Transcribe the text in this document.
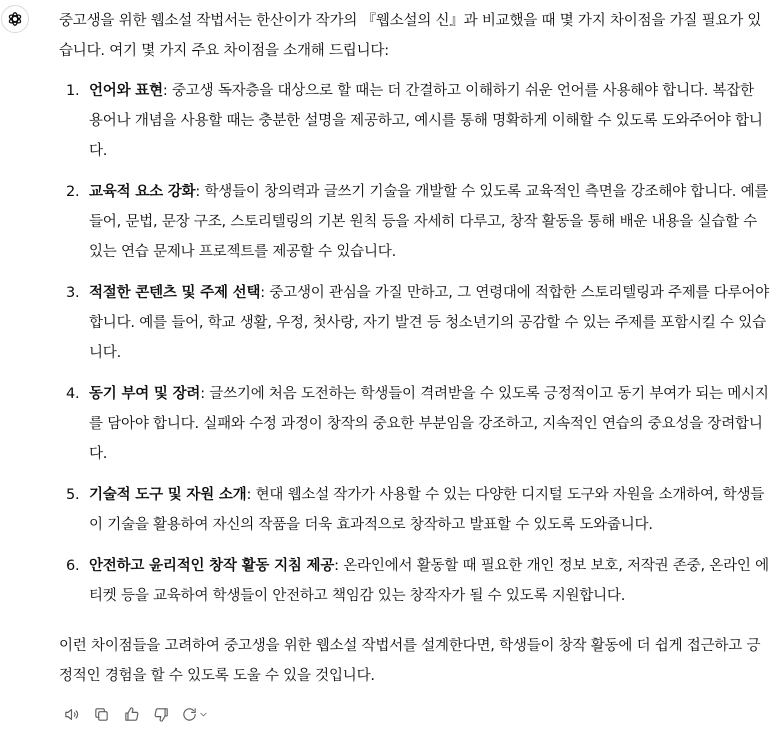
중고생을 위한 웹소설 작법서는 한산이가 작가의 『웹소설의 신』과 비교했을 때 몇 가지 차이점을 가질 필요가 있습니다. 여기 몇 가지 주요 차이점을 소개해 드립니다:

1. 언어와 표현: 중고생 독자층을 대상으로 할 때는 더 간결하고 이해하기 쉬운 언어를 사용해야 합니다. 복잡한 용어나 개념을 사용할 때는 충분한 설명을 제공하고, 예시를 통해 명확하게 이해할 수 있도록 도와주어야 합니다.
2. 교육적 요소 강화: 학생들이 창의력과 글쓰기 기술을 개발할 수 있도록 교육적인 측면을 강조해야 합니다. 예를 들어, 문법, 문장 구조, 스토리텔링의 기본 원칙 등을 자세히 다루고, 창작 활동을 통해 배운 내용을 실습할 수 있는 연습 문제나 프로젝트를 제공할 수 있습니다.
3. 적절한 콘텐츠 및 주제 선택: 중고생이 관심을 가질 만하고, 그 연령대에 적합한 스토리텔링과 주제를 다루어야 합니다. 예를 들어, 학교 생활, 우정, 첫사랑, 자기 발견 등 청소년기의 공감할 수 있는 주제를 포함시킬 수 있습니다.
4. 동기 부여 및 장려: 글쓰기에 처음 도전하는 학생들이 격려받을 수 있도록 긍정적이고 동기 부여가 되는 메시지를 담아야 합니다. 실패와 수정 과정이 창작의 중요한 부분임을 강조하고, 지속적인 연습의 중요성을 장려합니다.
5. 기술적 도구 및 자원 소개: 현대 웹소설 작가가 사용할 수 있는 다양한 디지털 도구와 자원을 소개하여, 학생들이 기술을 활용하여 자신의 작품을 더욱 효과적으로 창작하고 발표할 수 있도록 도와줍니다.
6. 안전하고 윤리적인 창작 활동 지침 제공: 온라인에서 활동할 때 필요한 개인 정보 보호, 저작권 존중, 온라인 에티켓 등을 교육하여 학생들이 안전하고 책임감 있는 창작자가 될 수 있도록 지원합니다.

이런 차이점들을 고려하여 중고생을 위한 웹소설 작법서를 설계한다면, 학생들이 창작 활동에 더 쉽게 접근하고 긍정적인 경험을 할 수 있도록 도울 수 있을 것입니다.
